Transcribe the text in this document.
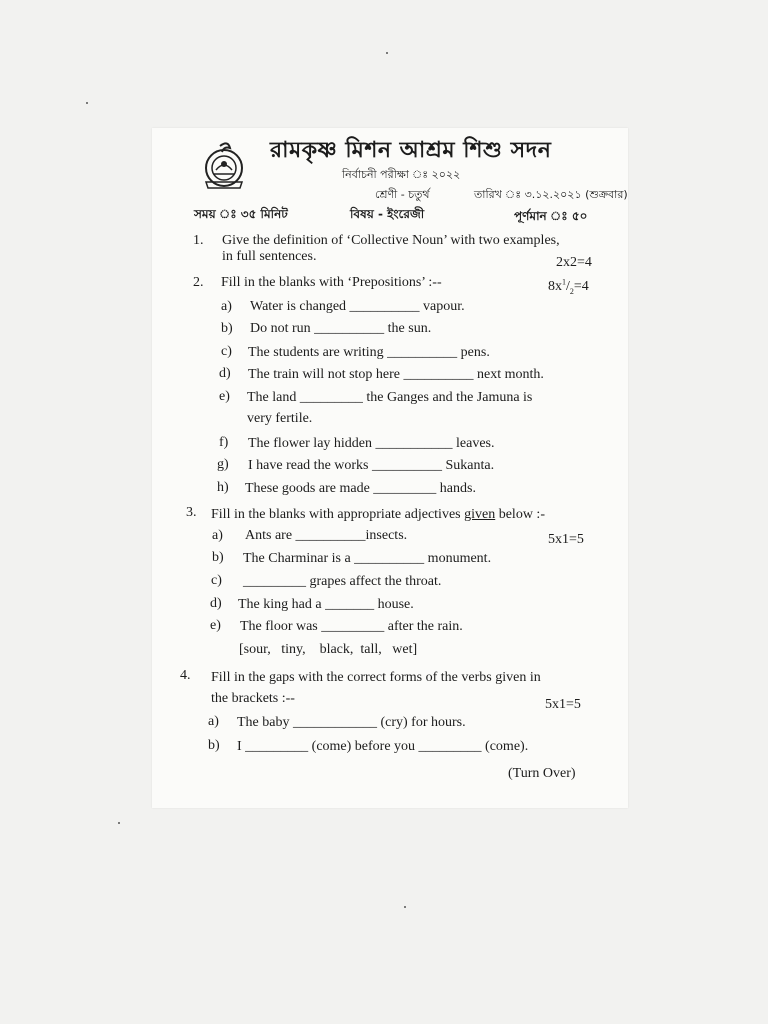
রামকৃষ্ণ মিশন আশ্রম শিশু সদন
নির্বাচনী পরীক্ষা ঃ ২০২২
শ্রেণী - চতুর্থ	তারিখ ঃ ৩.১২.২০২১ (শুক্রবার)
সময় ঃ ৩৫ মিনিট	বিষয় - ইংরেজী	পূর্ণমান ঃ ৫০
1. Give the definition of ‘Collective Noun’ with two examples,
in full sentences.	2x2=4
2. Fill in the blanks with ‘Prepositions’ :--	$8x^1/_2=4$
a) Water is changed __________ vapour.
b) Do not run __________ the sun.
c) The students are writing __________ pens.
d) The train will not stop here __________ next month.
e) The land _________ the Ganges and the Jamuna is
very fertile.
f) The flower lay hidden ___________ leaves.
g) I have read the works __________ Sukanta.
h) These goods are made _________ hands.
3. Fill in the blanks with appropriate adjectives given below :-
5x1=5
a) Ants are __________insects.
b) The Charminar is a __________ monument.
c) _________ grapes affect the throat.
d) The king had a _______ house.
e) The floor was _________ after the rain.
[sour,   tiny,    black,  tall,   wet]
4. Fill in the gaps with the correct forms of the verbs given in
the brackets :--	5x1=5
a) The baby ____________ (cry) for hours.
b) I _________ (come) before you _________ (come).
(Turn Over)
